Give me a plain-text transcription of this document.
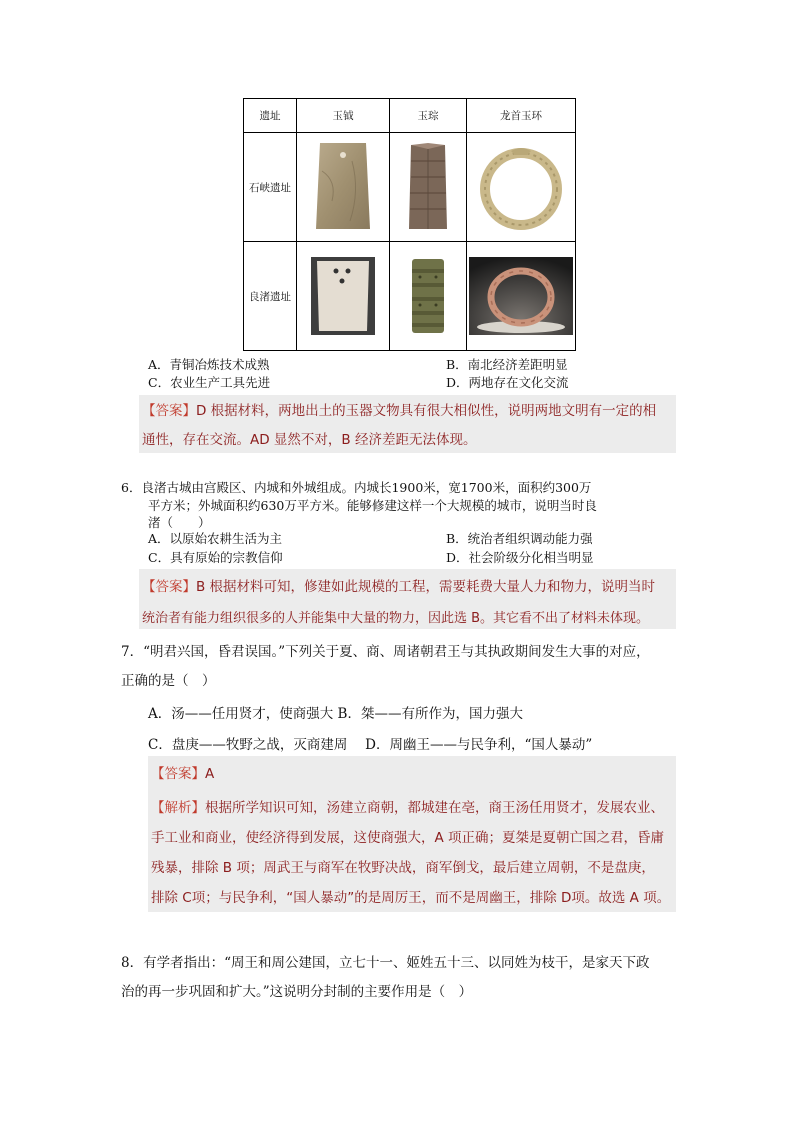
遗址	玉钺	玉琮	龙首玉环
石峡遗址	

良渚遗址	

A．青铜冶炼技术成熟	B．南北经济差距明显
C．农业生产工具先进	D．两地存在文化交流
【答案】D 根据材料，两地出土的玉器文物具有很大相似性，说明两地文明有一定的相
通性，存在交流。AD 显然不对，B 经济差距无法体现。
6．良渚古城由宫殿区、内城和外城组成。内城长1900米，宽1700米，面积约300万
平方米；外城面积约630万平方米。能够修建这样一个大规模的城市，说明当时良
渚（　　）
A．以原始农耕生活为主	B．统治者组织调动能力强
C．具有原始的宗教信仰	D．社会阶级分化相当明显
【答案】B 根据材料可知，修建如此规模的工程，需要耗费大量人力和物力，说明当时
统治者有能力组织很多的人并能集中大量的物力，因此选 B。其它看不出了材料未体现。
7．“明君兴国，昏君误国。”下列关于夏、商、周诸朝君王与其执政期间发生大事的对应，
正确的是（　）
A．汤——任用贤才，使商强大 B．桀——有所作为，国力强大
C．盘庚——牧野之战，灭商建周　 D．周幽王——与民争利，“国人暴动”
【答案】A
【解析】根据所学知识可知，汤建立商朝，都城建在亳，商王汤任用贤才，发展农业、
手工业和商业，使经济得到发展，这使商强大，A 项正确；夏桀是夏朝亡国之君，昏庸
残暴，排除 B 项；周武王与商军在牧野决战，商军倒戈，最后建立周朝，不是盘庚，
排除 C项；与民争利，“国人暴动”的是周厉王，而不是周幽王，排除 D项。故选 A 项。
8．有学者指出：“周王和周公建国，立七十一、姬姓五十三、以同姓为枝干，是家天下政
治的再一步巩固和扩大。”这说明分封制的主要作用是（　）
